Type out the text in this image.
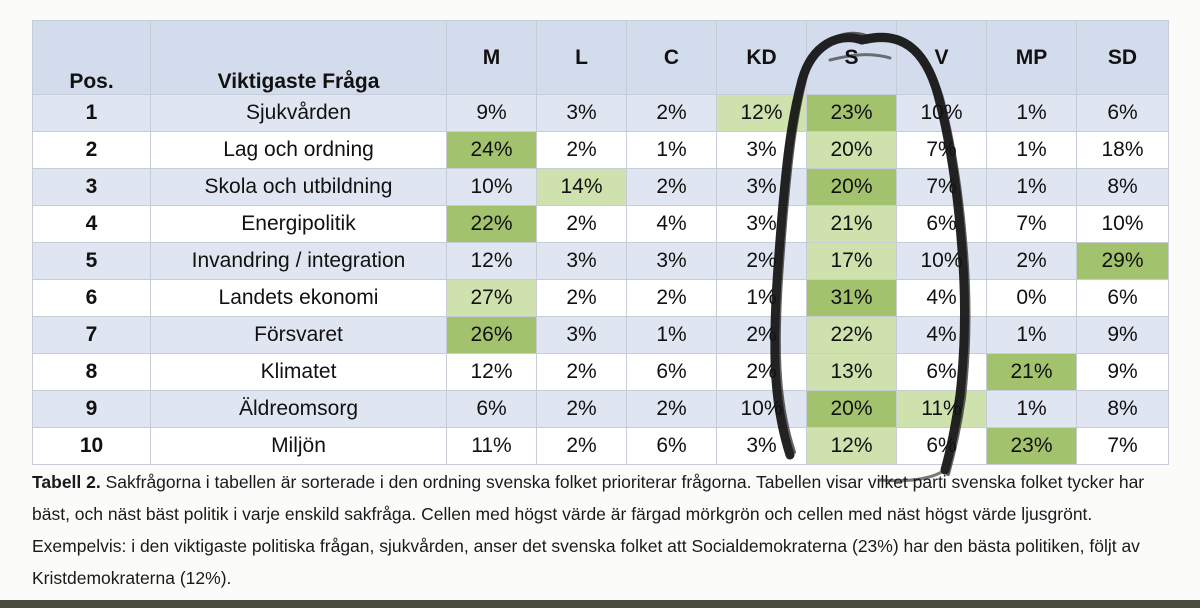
Pos.	Viktigaste Fråga	M	L	C	KD	S	V	MP	SD
1	Sjukvården	9%	3%	2%	12%	23%	10%	1%	6%
2	Lag och ordning	24%	2%	1%	3%	20%	7%	1%	18%
3	Skola och utbildning	10%	14%	2%	3%	20%	7%	1%	8%
4	Energipolitik	22%	2%	4%	3%	21%	6%	7%	10%
5	Invandring / integration	12%	3%	3%	2%	17%	10%	2%	29%
6	Landets ekonomi	27%	2%	2%	1%	31%	4%	0%	6%
7	Försvaret	26%	3%	1%	2%	22%	4%	1%	9%
8	Klimatet	12%	2%	6%	2%	13%	6%	21%	9%
9	Äldreomsorg	6%	2%	2%	10%	20%	11%	1%	8%
10	Miljön	11%	2%	6%	3%	12%	6%	23%	7%
Tabell 2. Sakfrågorna i tabellen är sorterade i den ordning svenska folket prioriterar frågorna. Tabellen visar vilket parti svenska folket tycker har bäst, och näst bäst politik i varje enskild sakfråga. Cellen med högst värde är färgad mörkgrön och cellen med näst högst värde ljusgrönt. Exempelvis: i den viktigaste politiska frågan, sjukvården, anser det svenska folket att Socialdemokraterna (23%) har den bästa politiken, följt av Kristdemokraterna (12%).
